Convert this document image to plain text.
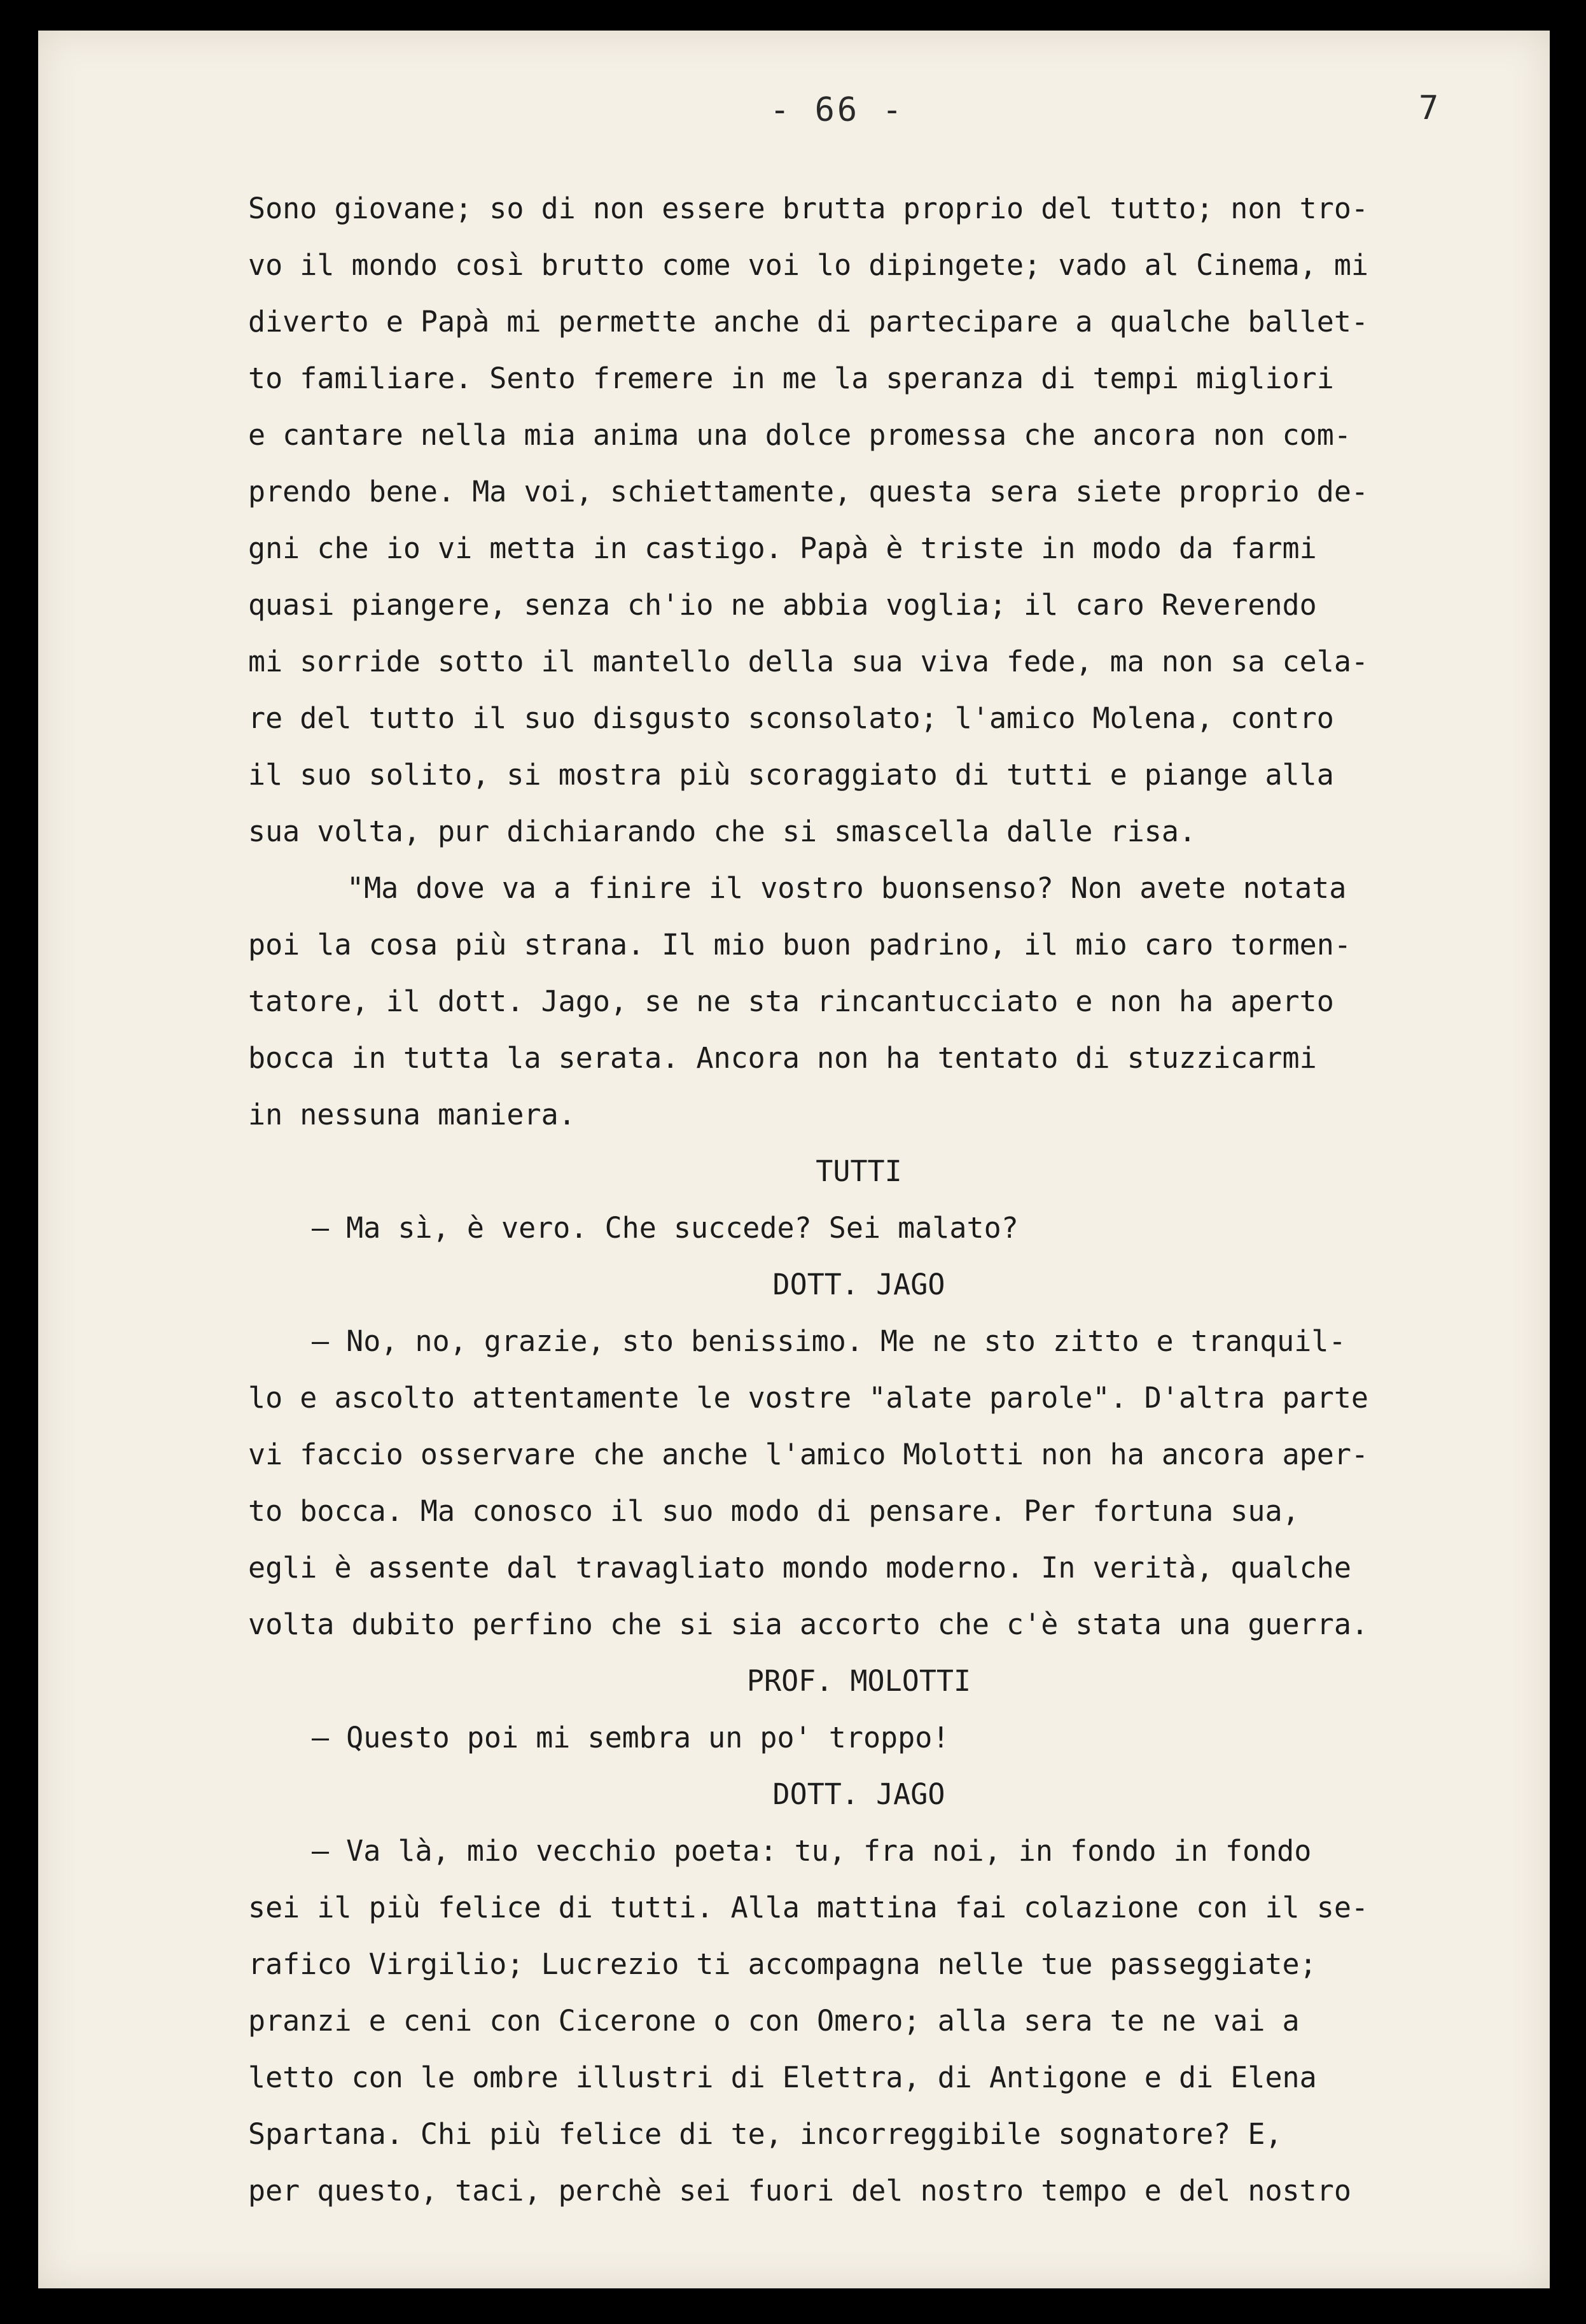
- 66 -	7
Sono giovane; so di non essere brutta proprio del tutto; non tro-
vo il mondo così brutto come voi lo dipingete; vado al Cinema, mi
diverto e Papà mi permette anche di partecipare a qualche ballet-
to familiare. Sento fremere in me la speranza di tempi migliori
e cantare nella mia anima una dolce promessa che ancora non com-
prendo bene. Ma voi, schiettamente, questa sera siete proprio de-
gni che io vi metta in castigo. Papà è triste in modo da farmi
quasi piangere, senza ch'io ne abbia voglia; il caro Reverendo
mi sorride sotto il mantello della sua viva fede, ma non sa cela-
re del tutto il suo disgusto sconsolato; l'amico Molena, contro
il suo solito, si mostra più scoraggiato di tutti e piange alla
sua volta, pur dichiarando che si smascella dalle risa.
"Ma dove va a finire il vostro buonsenso? Non avete notata
poi la cosa più strana. Il mio buon padrino, il mio caro tormen-
tatore, il dott. Jago, se ne sta rincantucciato e non ha aperto
bocca in tutta la serata. Ancora non ha tentato di stuzzicarmi
in nessuna maniera.
TUTTI
— Ma sì, è vero. Che succede? Sei malato?
DOTT. JAGO
— No, no, grazie, sto benissimo. Me ne sto zitto e tranquil-
lo e ascolto attentamente le vostre "alate parole". D'altra parte
vi faccio osservare che anche l'amico Molotti non ha ancora aper-
to bocca. Ma conosco il suo modo di pensare. Per fortuna sua,
egli è assente dal travagliato mondo moderno. In verità, qualche
volta dubito perfino che si sia accorto che c'è stata una guerra.
PROF. MOLOTTI
— Questo poi mi sembra un po' troppo!
DOTT. JAGO
— Va là, mio vecchio poeta: tu, fra noi, in fondo in fondo
sei il più felice di tutti. Alla mattina fai colazione con il se-
rafico Virgilio; Lucrezio ti accompagna nelle tue passeggiate;
pranzi e ceni con Cicerone o con Omero; alla sera te ne vai a
letto con le ombre illustri di Elettra, di Antigone e di Elena
Spartana. Chi più felice di te, incorreggibile sognatore? E,
per questo, taci, perchè sei fuori del nostro tempo e del nostro
